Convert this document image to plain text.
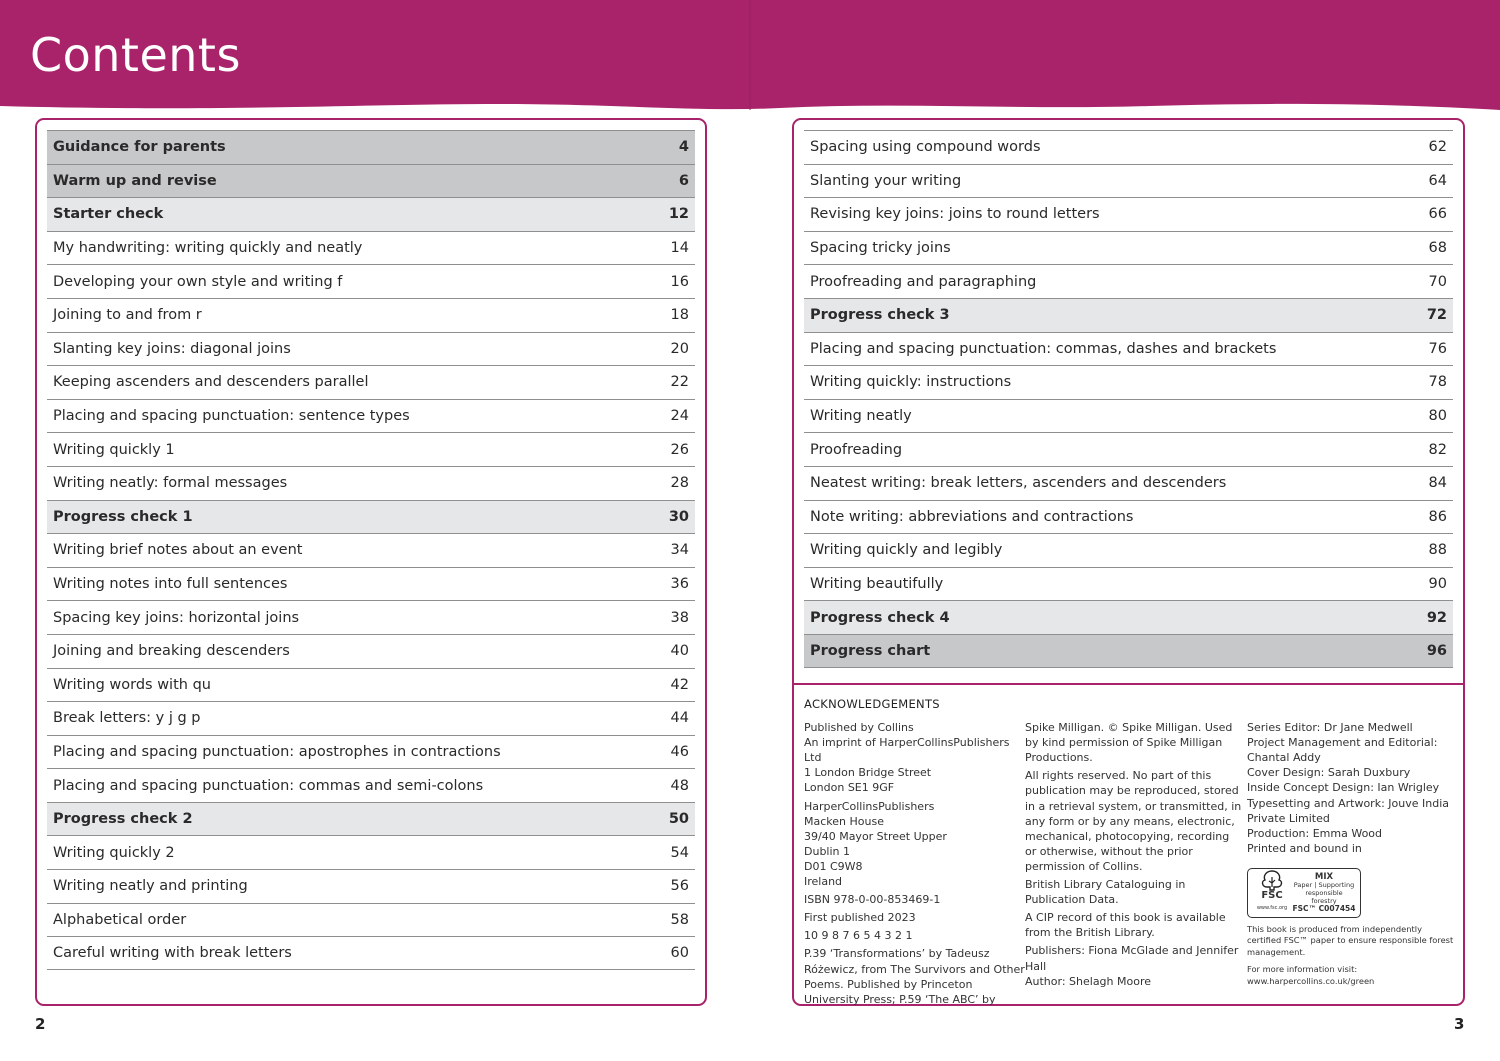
Contents
Guidance for parents	4
Warm up and revise	6
Starter check	12
My handwriting: writing quickly and neatly	14
Developing your own style and writing f	16
Joining to and from r	18
Slanting key joins: diagonal joins	20
Keeping ascenders and descenders parallel	22
Placing and spacing punctuation: sentence types	24
Writing quickly 1	26
Writing neatly: formal messages	28
Progress check 1	30
Writing brief notes about an event	34
Writing notes into full sentences	36
Spacing key joins: horizontal joins	38
Joining and breaking descenders	40
Writing words with qu	42
Break letters: y j g p	44
Placing and spacing punctuation: apostrophes in contractions	46
Placing and spacing punctuation: commas and semi-colons	48
Progress check 2	50
Writing quickly 2	54
Writing neatly and printing	56
Alphabetical order	58
Careful writing with break letters	60
Spacing using compound words	62
Slanting your writing	64
Revising key joins: joins to round letters	66
Spacing tricky joins	68
Proofreading and paragraphing	70
Progress check 3	72
Placing and spacing punctuation: commas, dashes and brackets	76
Writing quickly: instructions	78
Writing neatly	80
Proofreading	82
Neatest writing: break letters, ascenders and descenders	84
Note writing: abbreviations and contractions	86
Writing quickly and legibly	88
Writing beautifully	90
Progress check 4	92
Progress chart	96
ACKNOWLEDGEMENTS

Published by Collins
An imprint of HarperCollinsPublishers Ltd
1 London Bridge Street
London SE1 9GF

HarperCollinsPublishers
Macken House
39/40 Mayor Street Upper
Dublin 1
D01 C9W8
Ireland

ISBN 978-0-00-853469-1

First published 2023

10 9 8 7 6 5 4 3 2 1

P.39 ‘Transformations’ by Tadeusz Różewicz, from The Survivors and Other Poems. Published by Princeton University Press; P.59 ‘The ABC’ by

Spike Milligan. © Spike Milligan. Used by kind permission of Spike Milligan Productions.

All rights reserved. No part of this publication may be reproduced, stored in a retrieval system, or transmitted, in any form or by any means, electronic, mechanical, photocopying, recording or otherwise, without the prior permission of Collins.

British Library Cataloguing in Publication Data.

A CIP record of this book is available from the British Library.

Publishers: Fiona McGlade and Jennifer Hall
Author: Shelagh Moore

Series Editor: Dr Jane Medwell
Project Management and Editorial: Chantal Addy
Cover Design: Sarah Duxbury
Inside Concept Design: Ian Wrigley
Typesetting and Artwork: Jouve India Private Limited
Production: Emma Wood
Printed and bound in

FSC
www.fsc.org
MIX
Paper | Supporting
responsible forestry
FSC™ C007454
This book is produced from independently certified FSC™ paper to ensure responsible forest management.
For more information visit:
www.harpercollins.co.uk/green
2	3
